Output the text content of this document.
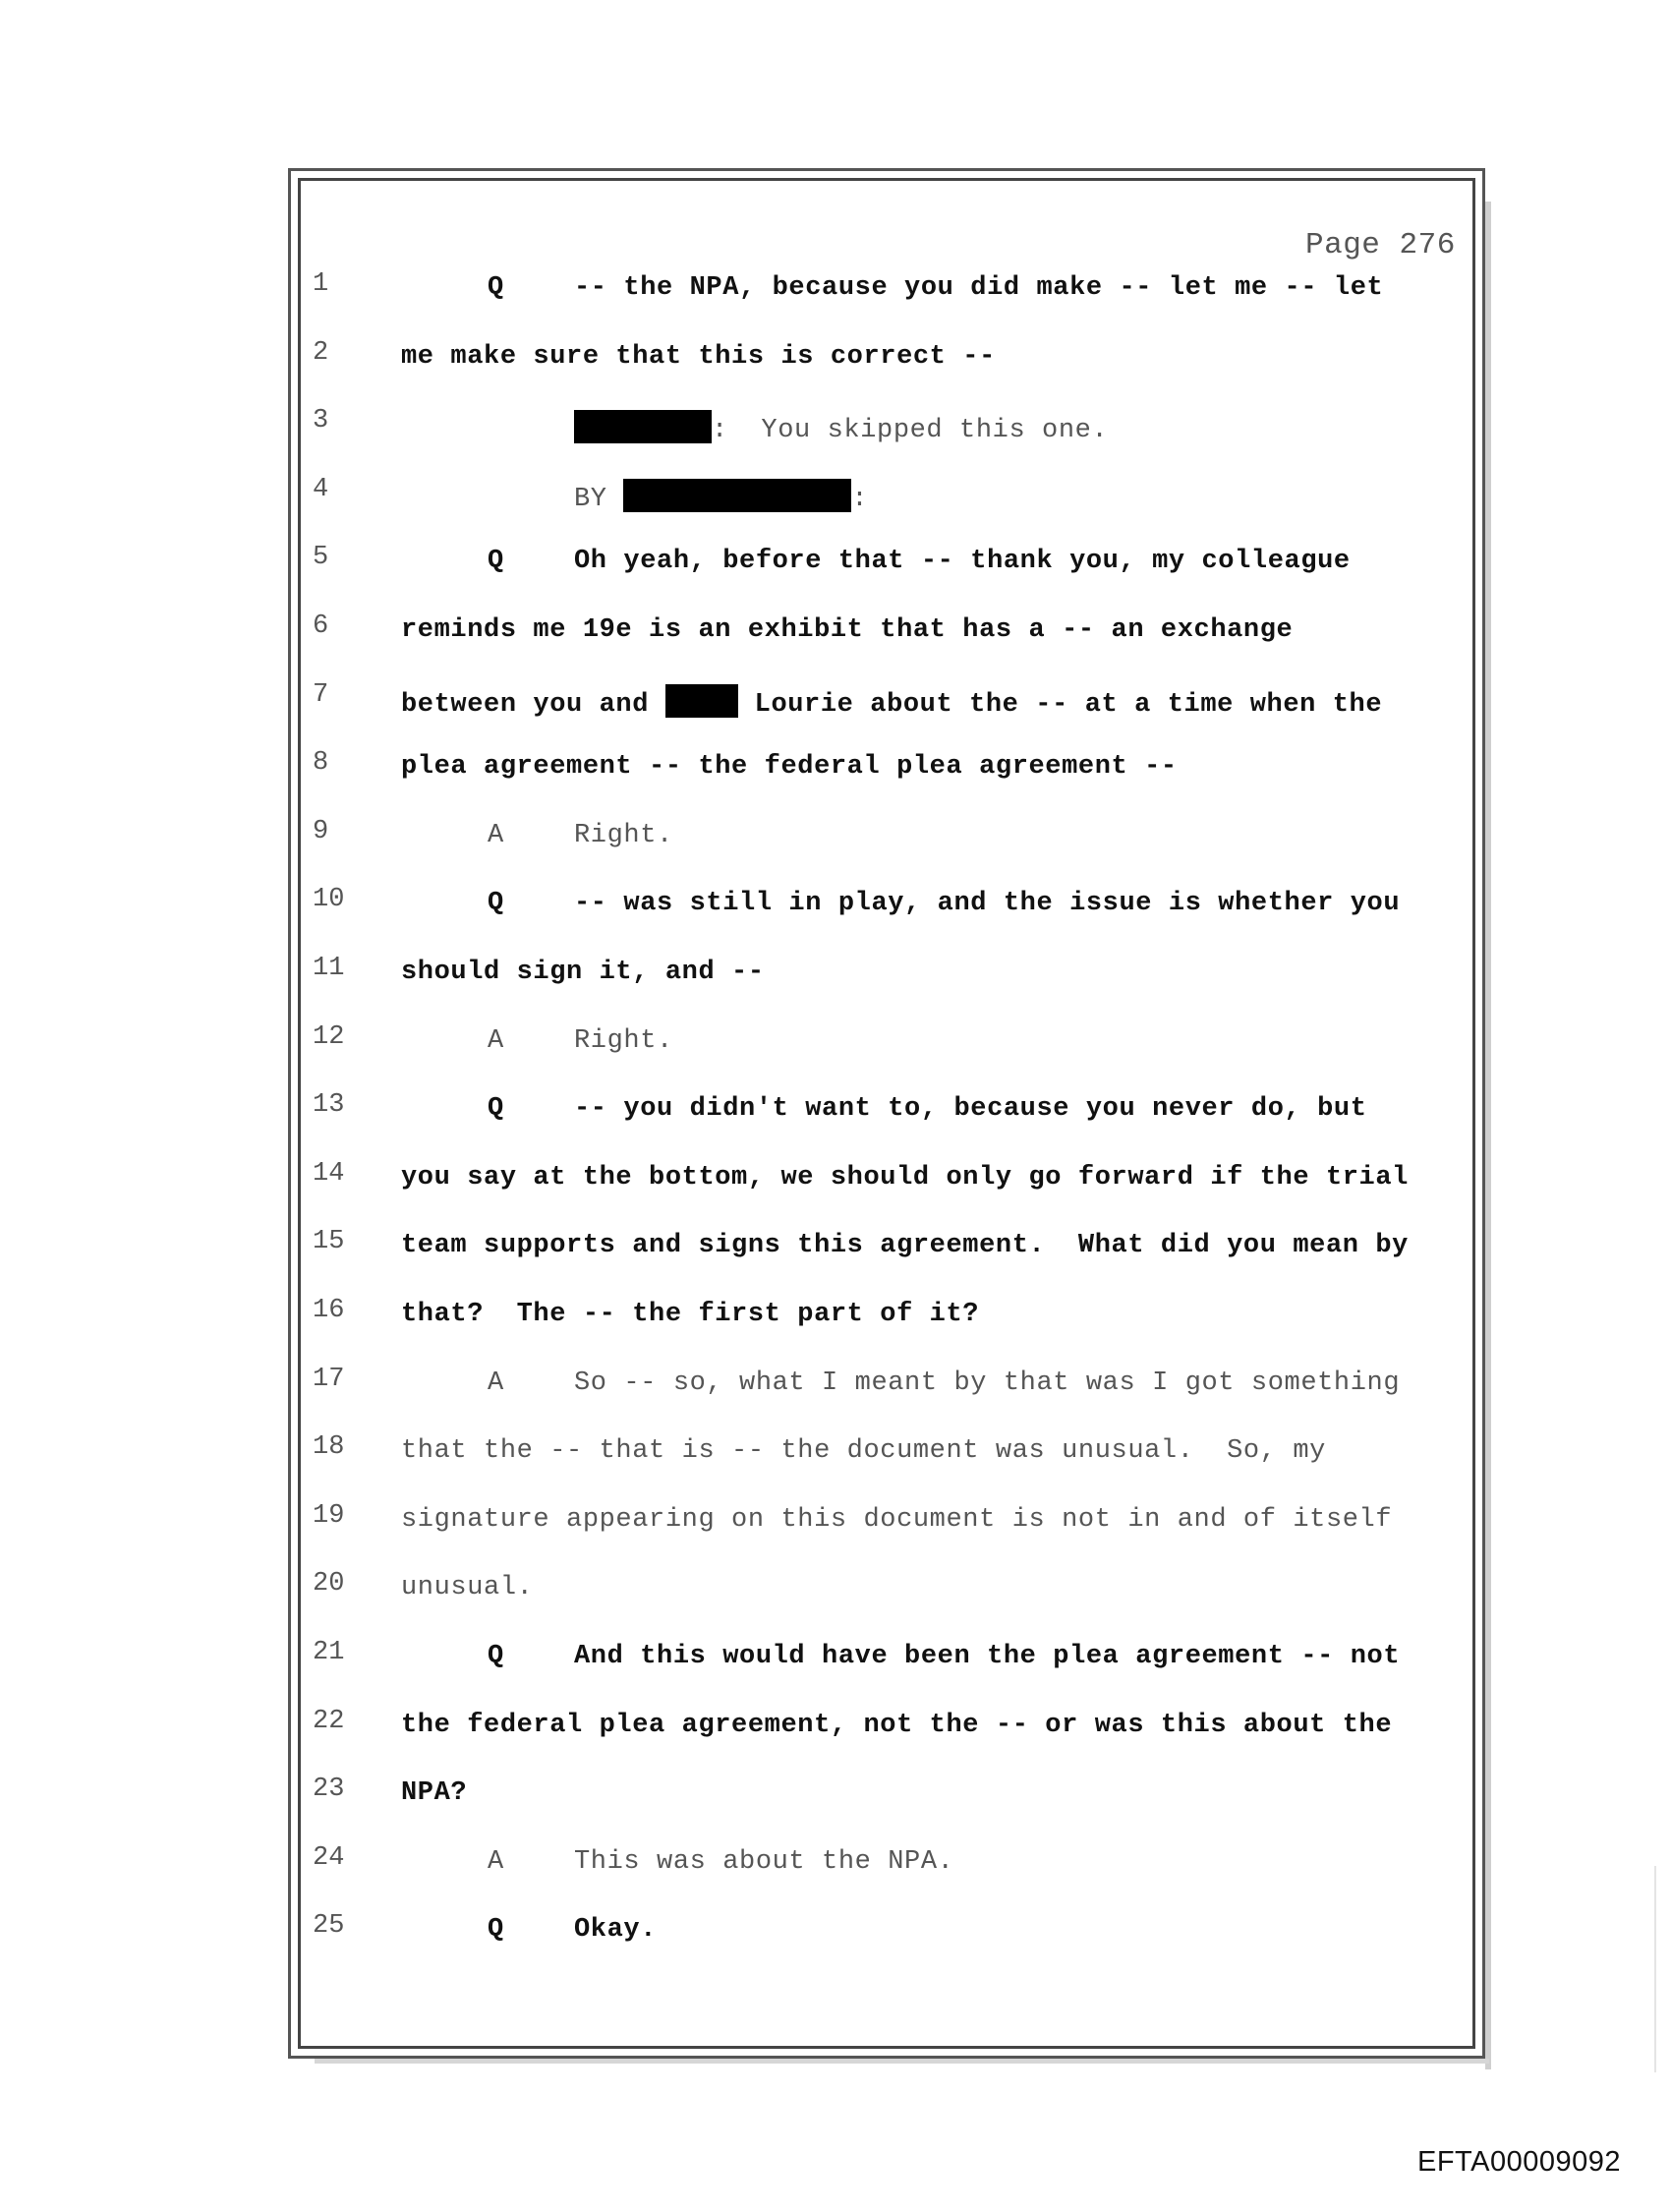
Page 276
1	Q	-- the NPA, because you did make -- let me -- let
2	me make sure that this is correct --
3	:  You skipped this one.
4	BY	:
5	Q	Oh yeah, before that -- thank you, my colleague
6	reminds me 19e is an exhibit that has a -- an exchange
7	between you and	Lourie about the -- at a time when the
8	plea agreement -- the federal plea agreement --
9	A	Right.
10	Q	-- was still in play, and the issue is whether you
11	should sign it, and --
12	A	Right.
13	Q	-- you didn't want to, because you never do, but
14	you say at the bottom, we should only go forward if the trial
15	team supports and signs this agreement.  What did you mean by
16	that?  The -- the first part of it?
17	A	So -- so, what I meant by that was I got something
18	that the -- that is -- the document was unusual.  So, my
19	signature appearing on this document is not in and of itself
20	unusual.
21	Q	And this would have been the plea agreement -- not
22	the federal plea agreement, not the -- or was this about the
23	NPA?
24	A	This was about the NPA.
25	Q	Okay.
EFTA00009092
